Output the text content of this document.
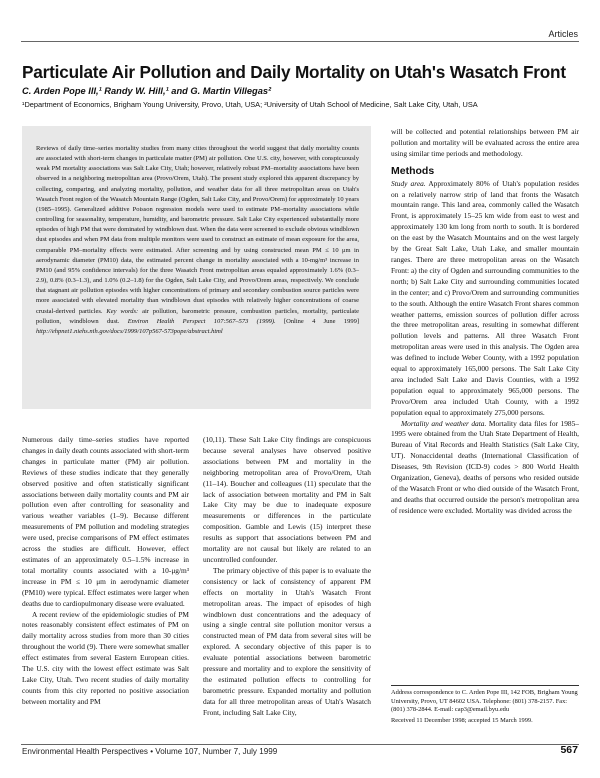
Articles
Particulate Air Pollution and Daily Mortality on Utah's Wasatch Front
C. Arden Pope III,¹ Randy W. Hill,¹ and G. Martin Villegas²
¹Department of Economics, Brigham Young University, Provo, Utah, USA; ²University of Utah School of Medicine, Salt Lake City, Utah, USA

Reviews of daily time–series mortality studies from many cities throughout the world suggest that daily mortality counts are associated with short-term changes in particulate matter (PM) air pollution. One U.S. city, however, with conspicuously weak PM mortality associations was Salt Lake City, Utah; however, relatively robust PM–mortality associations have been observed in a neighboring metropolitan area (Provo/Orem, Utah). The present study explored this apparent discrepancy by collecting, comparing, and analyzing mortality, pollution, and weather data for all three metropolitan areas on Utah's Wasatch Front region of the Wasatch Mountain Range (Ogden, Salt Lake City, and Provo/Orem) for approximately 10 years (1985–1995). Generalized additive Poisson regression models were used to estimate PM–mortality associations while controlling for seasonality, temperature, humidity, and barometric pressure. Salt Lake City experienced substantially more episodes of high PM that were dominated by windblown dust. When the data were screened to exclude obvious windblown dust episodes and when PM data from multiple monitors were used to construct an estimate of mean exposure for the area, comparable PM–mortality effects were estimated. After screening and by using constructed mean PM ≤ 10 μm in aerodynamic diameter (PM10) data, the estimated percent change in mortality associated with a 10-mg/m³ increase in PM10 (and 95% confidence intervals) for the three Wasatch Front metropolitan areas equaled approximately 1.6% (0.3–2.9), 0.8% (0.3–1.3), and 1.0% (0.2–1.8) for the Ogden, Salt Lake City, and Provo/Orem areas, respectively. We conclude that stagnant air pollution episodes with higher concentrations of primary and secondary combustion source particles were more associated with elevated mortality than windblown dust episodes with relatively higher concentrations of coarse crustal-derived particles. Key words: air pollution, barometric pressure, combustion particles, mortality, particulate pollution, windblown dust. Environ Health Perspect 107:567–573 (1999). [Online 4 June 1999] http://ehpnet1.niehs.nih.gov/docs/1999/107p567-573pope/abstract.html

Numerous daily time–series studies have reported changes in daily death counts associated with short-term changes in particulate matter (PM) air pollution. Reviews of these studies indicate that they generally observed positive and often statistically significant associations between daily mortality counts and PM air pollution even after controlling for seasonality and various weather variables (1–9). Because different measurements of PM pollution and modeling strategies were used, precise comparisons of PM effect estimates across the studies are difficult. However, effect estimates of an approximately 0.5–1.5% increase in total mortality counts associated with a 10-μg/m³ increase in PM ≤ 10 μm in aerodynamic diameter (PM10) were typical. Effect estimates were larger when deaths due to cardiopulmonary disease were evaluated.

A recent review of the epidemiologic studies of PM notes reasonably consistent effect estimates of PM on daily mortality across studies from more than 30 cities throughout the world (9). There were somewhat smaller effect estimates from several Eastern European cities. The U.S. city with the lowest effect estimate was Salt Lake City, Utah. Two recent studies of daily mortality counts from this city reported no positive association between mortality and PM

(10,11). These Salt Lake City findings are conspicuous because several analyses have observed positive associations between PM and mortality in the neighboring metropolitan area of Provo/Orem, Utah (11–14). Boucher and colleagues (11) speculate that the lack of association between mortality and PM in Salt Lake City may be due to inadequate exposure measurements or differences in the particulate composition. Gamble and Lewis (15) interpret these results as support that associations between PM and mortality are not causal but likely are related to an uncontrolled confounder.

The primary objective of this paper is to evaluate the consistency or lack of consistency of apparent PM effects on mortality in Utah's Wasatch Front metropolitan areas. The impact of episodes of high windblown dust concentrations and the adequacy of using a single central site pollution monitor versus a constructed mean of PM data from several sites will be explored. A secondary objective of this paper is to evaluate potential associations between barometric pressure and mortality and to explore the sensitivity of the estimated pollution effects to controlling for barometric pressure. Expanded mortality and pollution data for all three metropolitan areas of Utah's Wasatch Front, including Salt Lake City,

will be collected and potential relationships between PM air pollution and mortality will be evaluated across the entire area using similar time periods and methodology.

Methods

Study area. Approximately 80% of Utah's population resides on a relatively narrow strip of land that fronts the Wasatch mountain range. This land area, commonly called the Wasatch Front, is approximately 15–25 km wide from east to west and approximately 130 km long from north to south. It is bordered on the east by the Wasatch Mountains and on the west largely by the Great Salt Lake, Utah Lake, and smaller mountain ranges. There are three metropolitan areas on the Wasatch Front: a) the city of Ogden and surrounding communities to the north; b) Salt Lake City and surrounding communities located in the center; and c) Provo/Orem and surrounding communities to the south. Although the entire Wasatch Front shares common weather patterns, emission sources of pollution differ across the three metropolitan areas, resulting in somewhat different pollution levels and patterns. All three Wasatch Front metropolitan areas were used in this analysis. The Ogden area was defined to include Weber County, with a 1992 population equal to approximately 165,000 persons. The Salt Lake City area included Salt Lake and Davis Counties, with a 1992 population equal to approximately 965,000 persons. The Provo/Orem area included Utah County, with a 1992 population equal to approximately 275,000 persons.

Mortality and weather data. Mortality data files for 1985–1995 were obtained from the Utah State Department of Health, Bureau of Vital Records and Health Statistics (Salt Lake City, UT). Nonaccidental deaths (International Classification of Diseases, 9th Revision (ICD-9) codes > 800 World Health Organization, Geneva), deaths of persons who resided outside of the Wasatch Front or who died outside of the Wasatch Front, and deaths that occurred outside the person's metropolitan area of residence were excluded. Mortality was divided across the

Address correspondence to C. Arden Pope III, 142 FOB, Brigham Young University, Provo, UT 84602 USA. Telephone: (801) 378-2157. Fax: (801) 378-2844. E-mail: cap3@email.byu.edu

Received 11 December 1998; accepted 15 March 1999.

Environmental Health Perspectives • Volume 107, Number 7, July 1999	567
